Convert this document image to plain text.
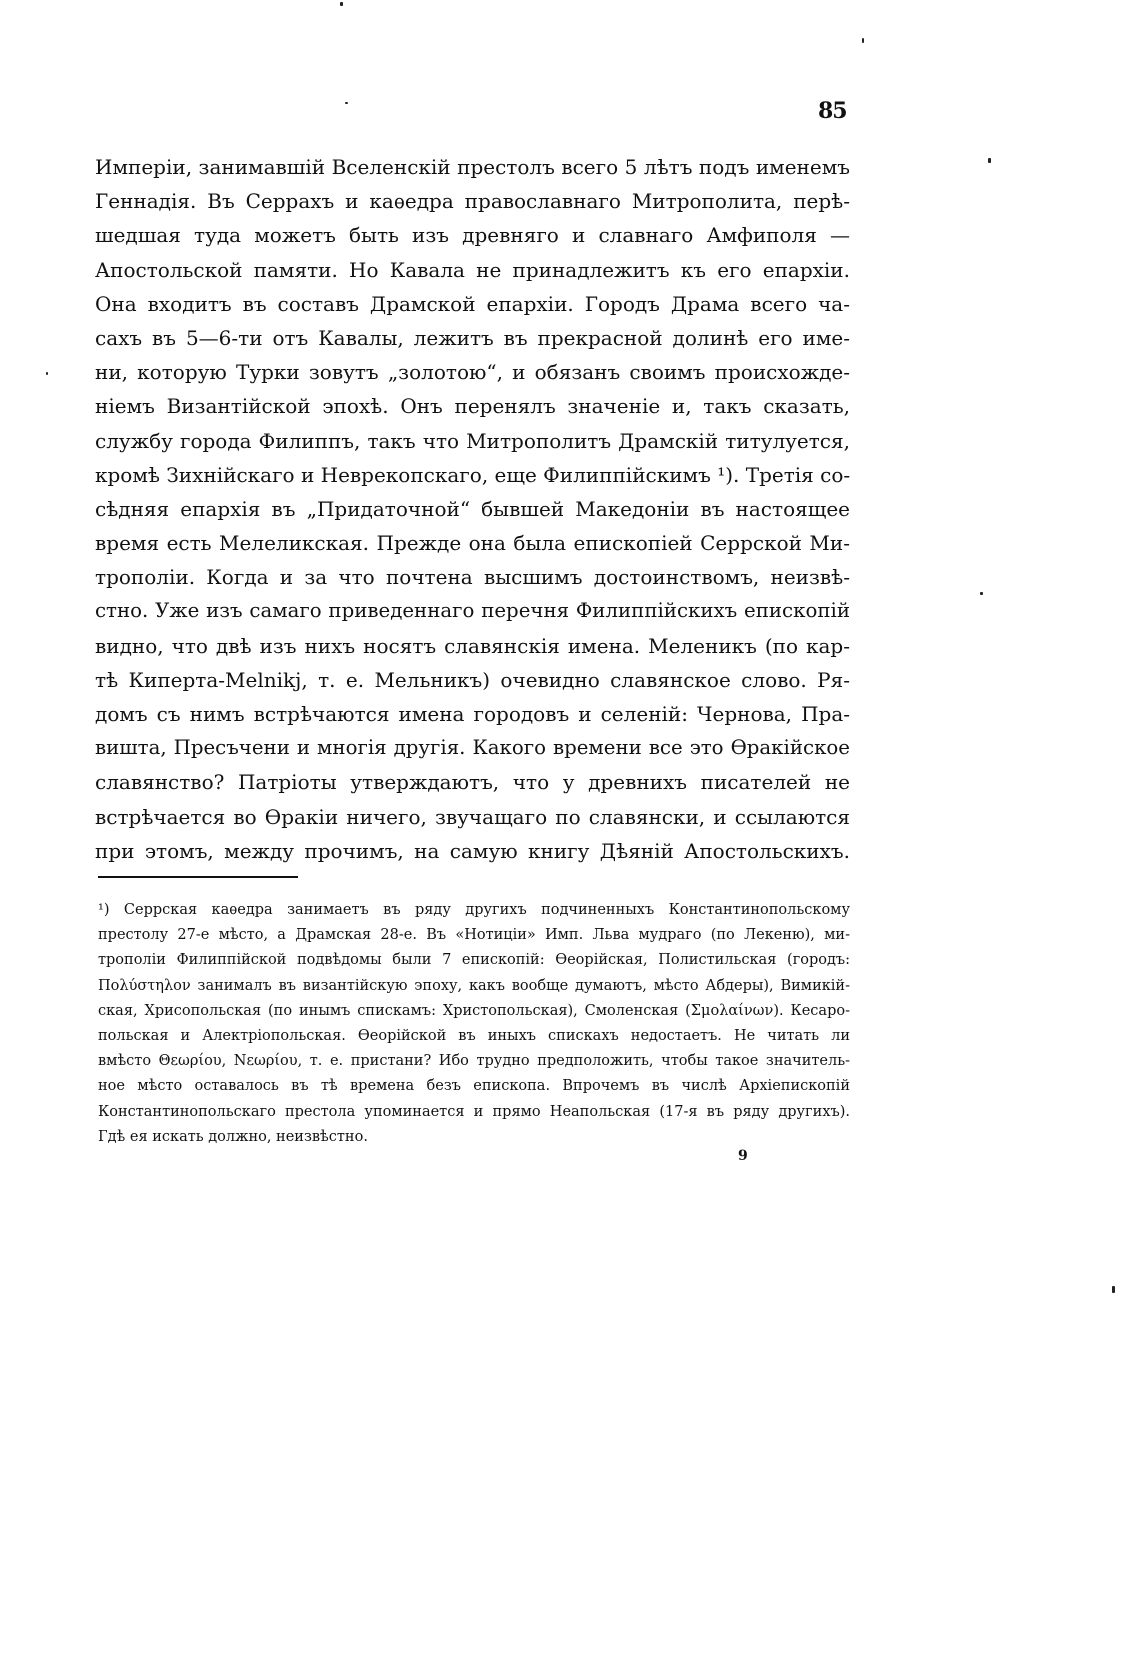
85
Имперіи, занимавшій Вселенскій престолъ всего 5 лѣтъ подъ именемъ
Геннадія. Въ Серрахъ и каѳедра православнаго Митрополита, перѣ-
шедшая туда можетъ быть изъ древняго и славнаго Амфиполя —
Апостольской памяти. Но Кавала не принадлежитъ къ его епархіи.
Она входитъ въ составъ Драмской епархіи. Городъ Драма всего ча-
сахъ въ 5—6-ти отъ Кавалы, лежитъ въ прекрасной долинѣ его име-
ни, которую Турки зовутъ „золотою“, и обязанъ своимъ происхожде-
ніемъ Византійской эпохѣ. Онъ перенялъ значеніе и, такъ сказать,
службу города Филиппъ, такъ что Митрополитъ Драмскій титулуется,
кромѣ Зихнійскаго и Неврекопскаго, еще Филиппійскимъ ¹). Третія со-
сѣдняя епархія въ „Придаточной“ бывшей Македоніи въ настоящее
время есть Мелеликская. Прежде она была епископіей Серрской Ми-
трополіи. Когда и за что почтена высшимъ достоинствомъ, неизвѣ-
стно. Уже изъ самаго приведеннаго перечня Филиппійскихъ епископій
видно, что двѣ изъ нихъ носятъ славянскія имена. Меленикъ (по кар-
тѣ Киперта-Melnikj, т. е. Мельникъ) очевидно славянское слово. Ря-
домъ съ нимъ встрѣчаются имена городовъ и селеній: Чернова, Пра-
вишта, Пресъчени и многія другія. Какого времени все это Ѳракійское
славянство? Патріоты утверждаютъ, что у древнихъ писателей не
встрѣчается во Ѳракіи ничего, звучащаго по славянски, и ссылаются
при этомъ, между прочимъ, на самую книгу Дѣяній Апостольскихъ.
¹) Серрская каѳедра занимаетъ въ ряду другихъ подчиненныхъ Константинопольскому
престолу 27-е мѣсто, а Драмская 28-е. Въ «Нотиціи» Имп. Льва мудраго (по Лекеню), ми-
трополіи Филиппійской подвѣдомы были 7 епископій: Ѳеорійская, Полистильская (городъ:
Πολύστηλον занималъ въ византійскую эпоху, какъ вообще думаютъ, мѣсто Абдеры), Вимикій-
ская, Хрисопольская (по инымъ спискамъ: Христопольская), Смоленская (Σμολαίνων). Кесаро-
польская и Алектріопольская. Ѳеорійской въ иныхъ спискахъ недостаетъ. Не читать ли
вмѣсто Θεωρίου, Νεωρίου, т. е. пристани? Ибо трудно предположить, чтобы такое значитель-
ное мѣсто оставалось въ тѣ времена безъ епископа. Впрочемъ въ числѣ Архіепископій
Константинопольскаго престола упоминается и прямо Неапольская (17-я въ ряду другихъ).
Гдѣ ея искать должно, неизвѣстно.
9
